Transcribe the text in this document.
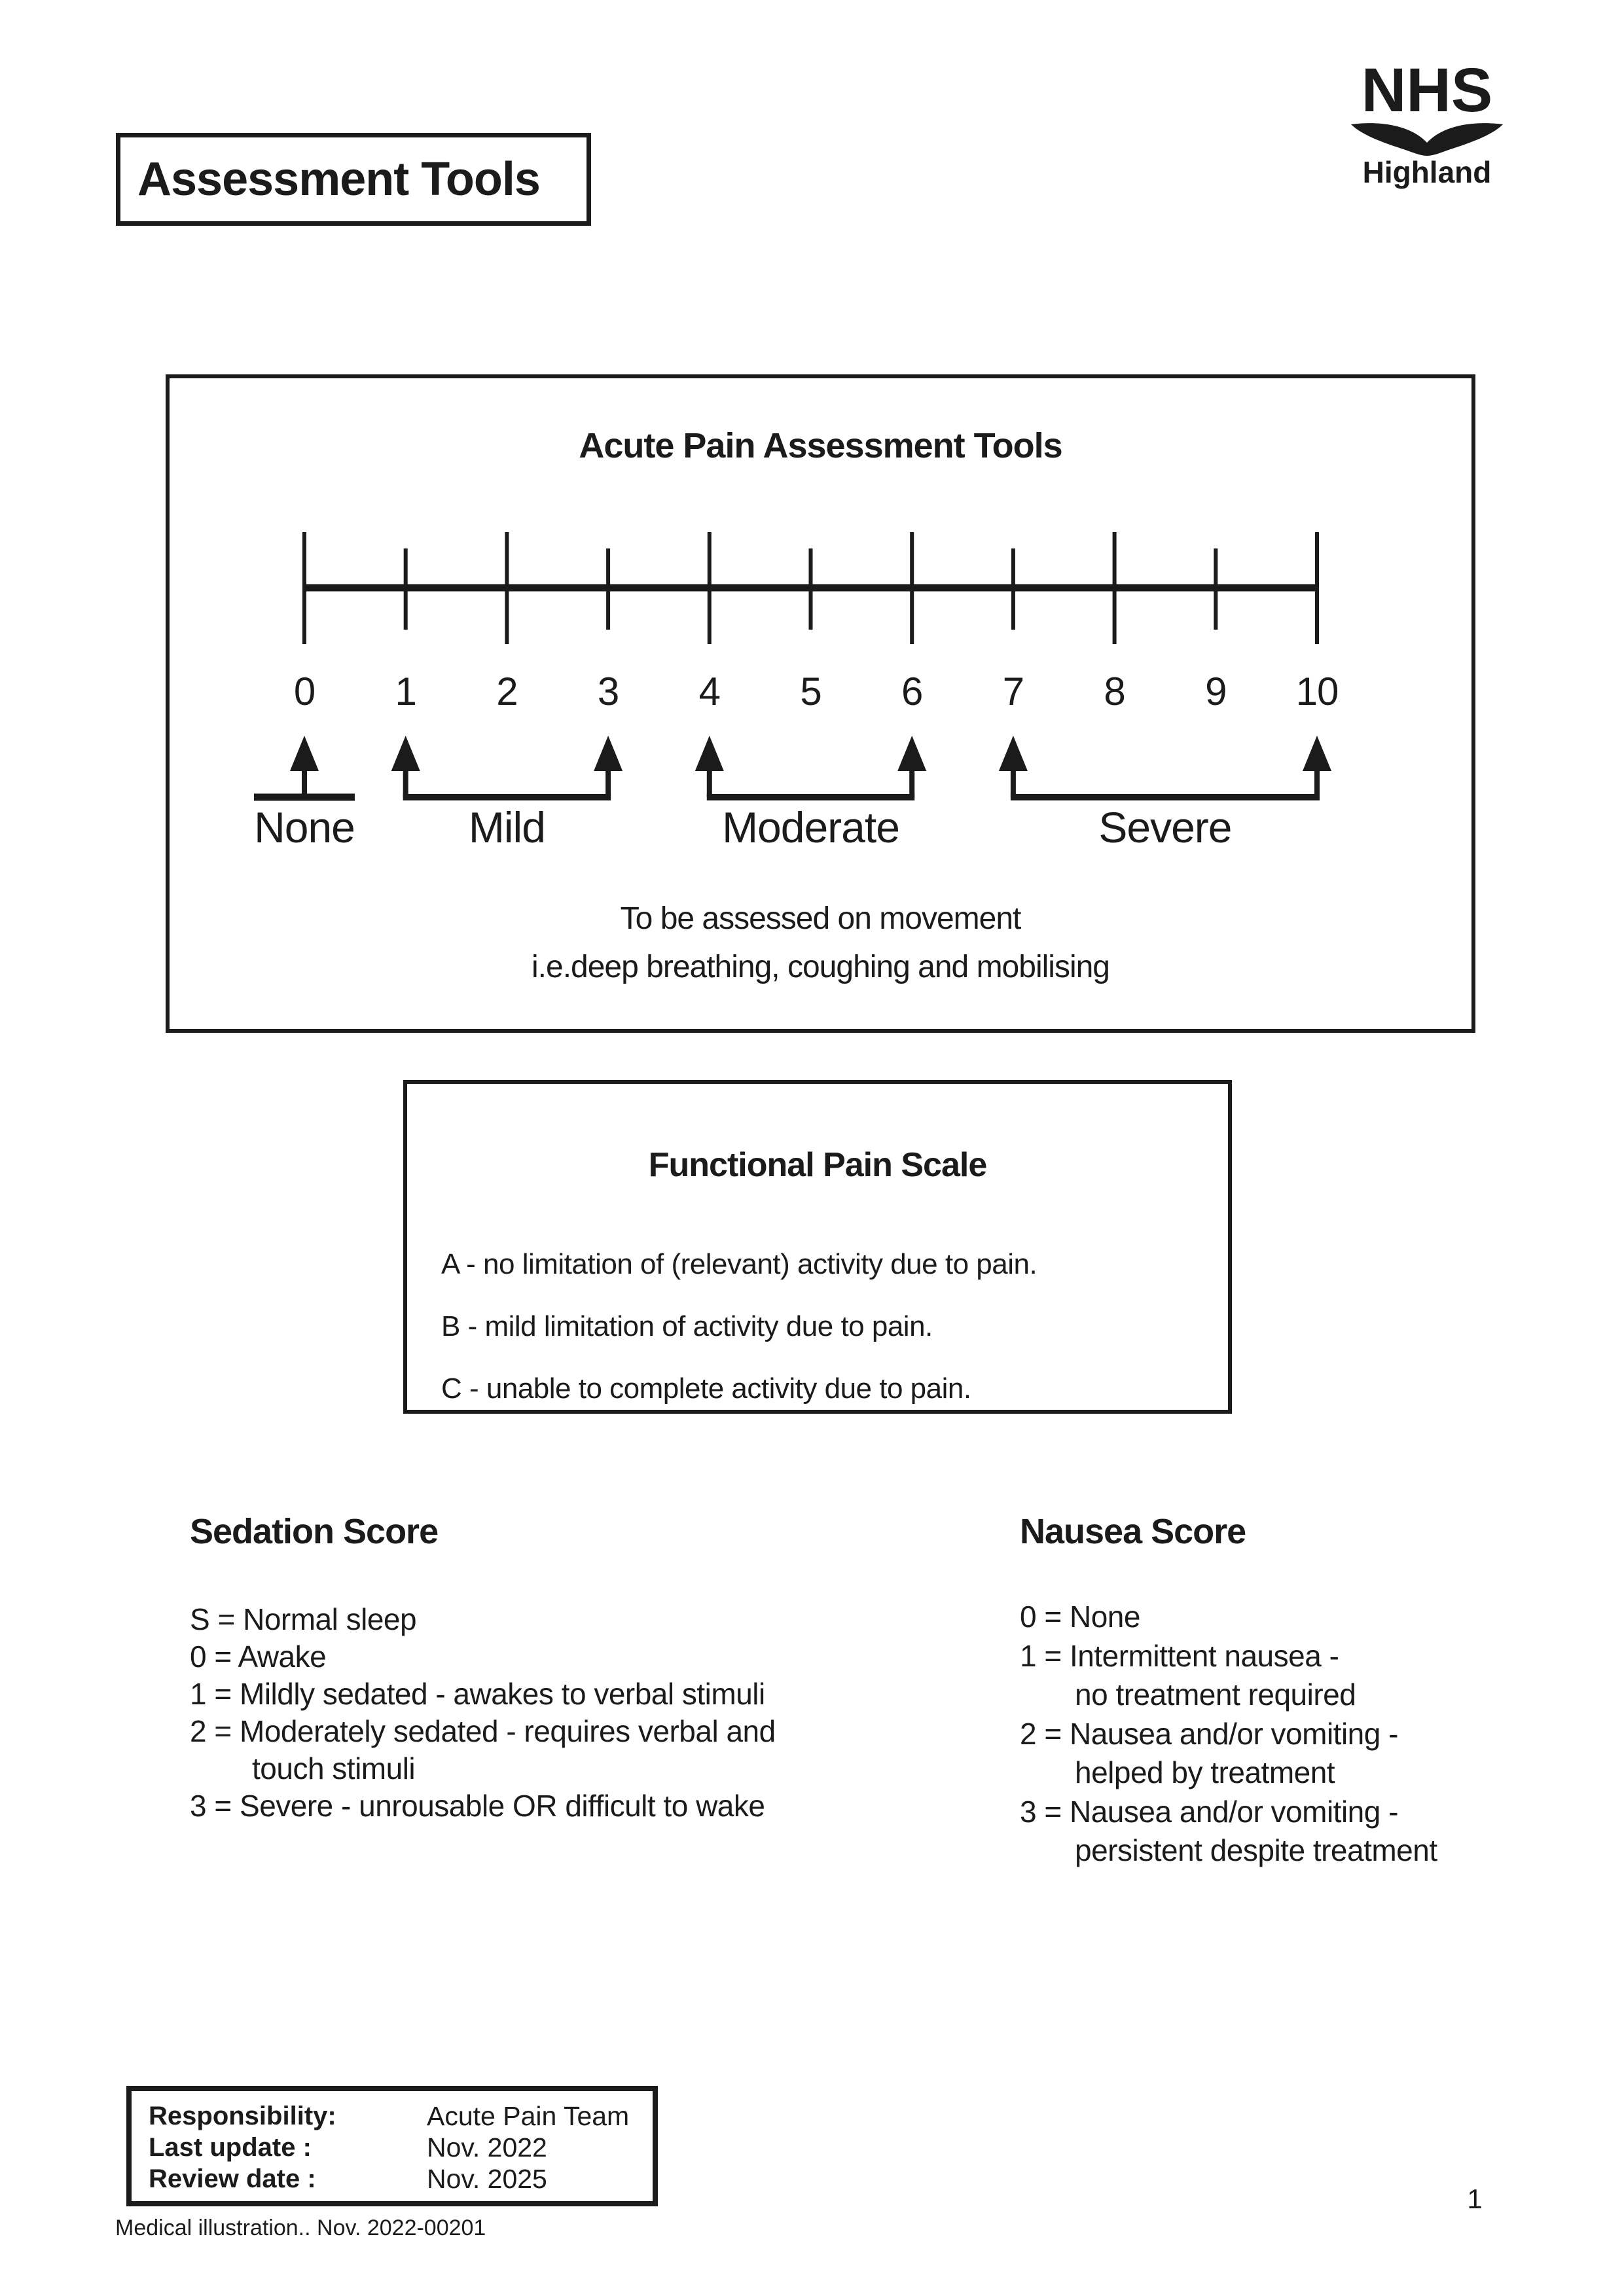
Assessment Tools
NHS
Highland
Acute Pain Assessment Tools
0 1 2 3 4 5 6 7 8 9 10
None	Mild	Moderate	Severe
To be assessed on movement
i.e.deep breathing, coughing and mobilising
Functional Pain Scale
A - no limitation of (relevant) activity due to pain.
B - mild limitation of activity due to pain.
C - unable to complete activity due to pain.
Sedation Score
S = Normal sleep
0 = Awake
1 = Mildly sedated - awakes to verbal stimuli
2 = Moderately sedated - requires verbal and
touch stimuli
3 = Severe - unrousable OR difficult to wake
Nausea Score
0 = None
1 = Intermittent nausea -
no treatment required
2 = Nausea and/or vomiting -
helped by treatment
3 = Nausea and/or vomiting -
persistent despite treatment
Responsibility:	Acute Pain Team
Last update :	Nov. 2022
Review date :	Nov. 2025
Medical illustration.. Nov. 2022-00201
1
